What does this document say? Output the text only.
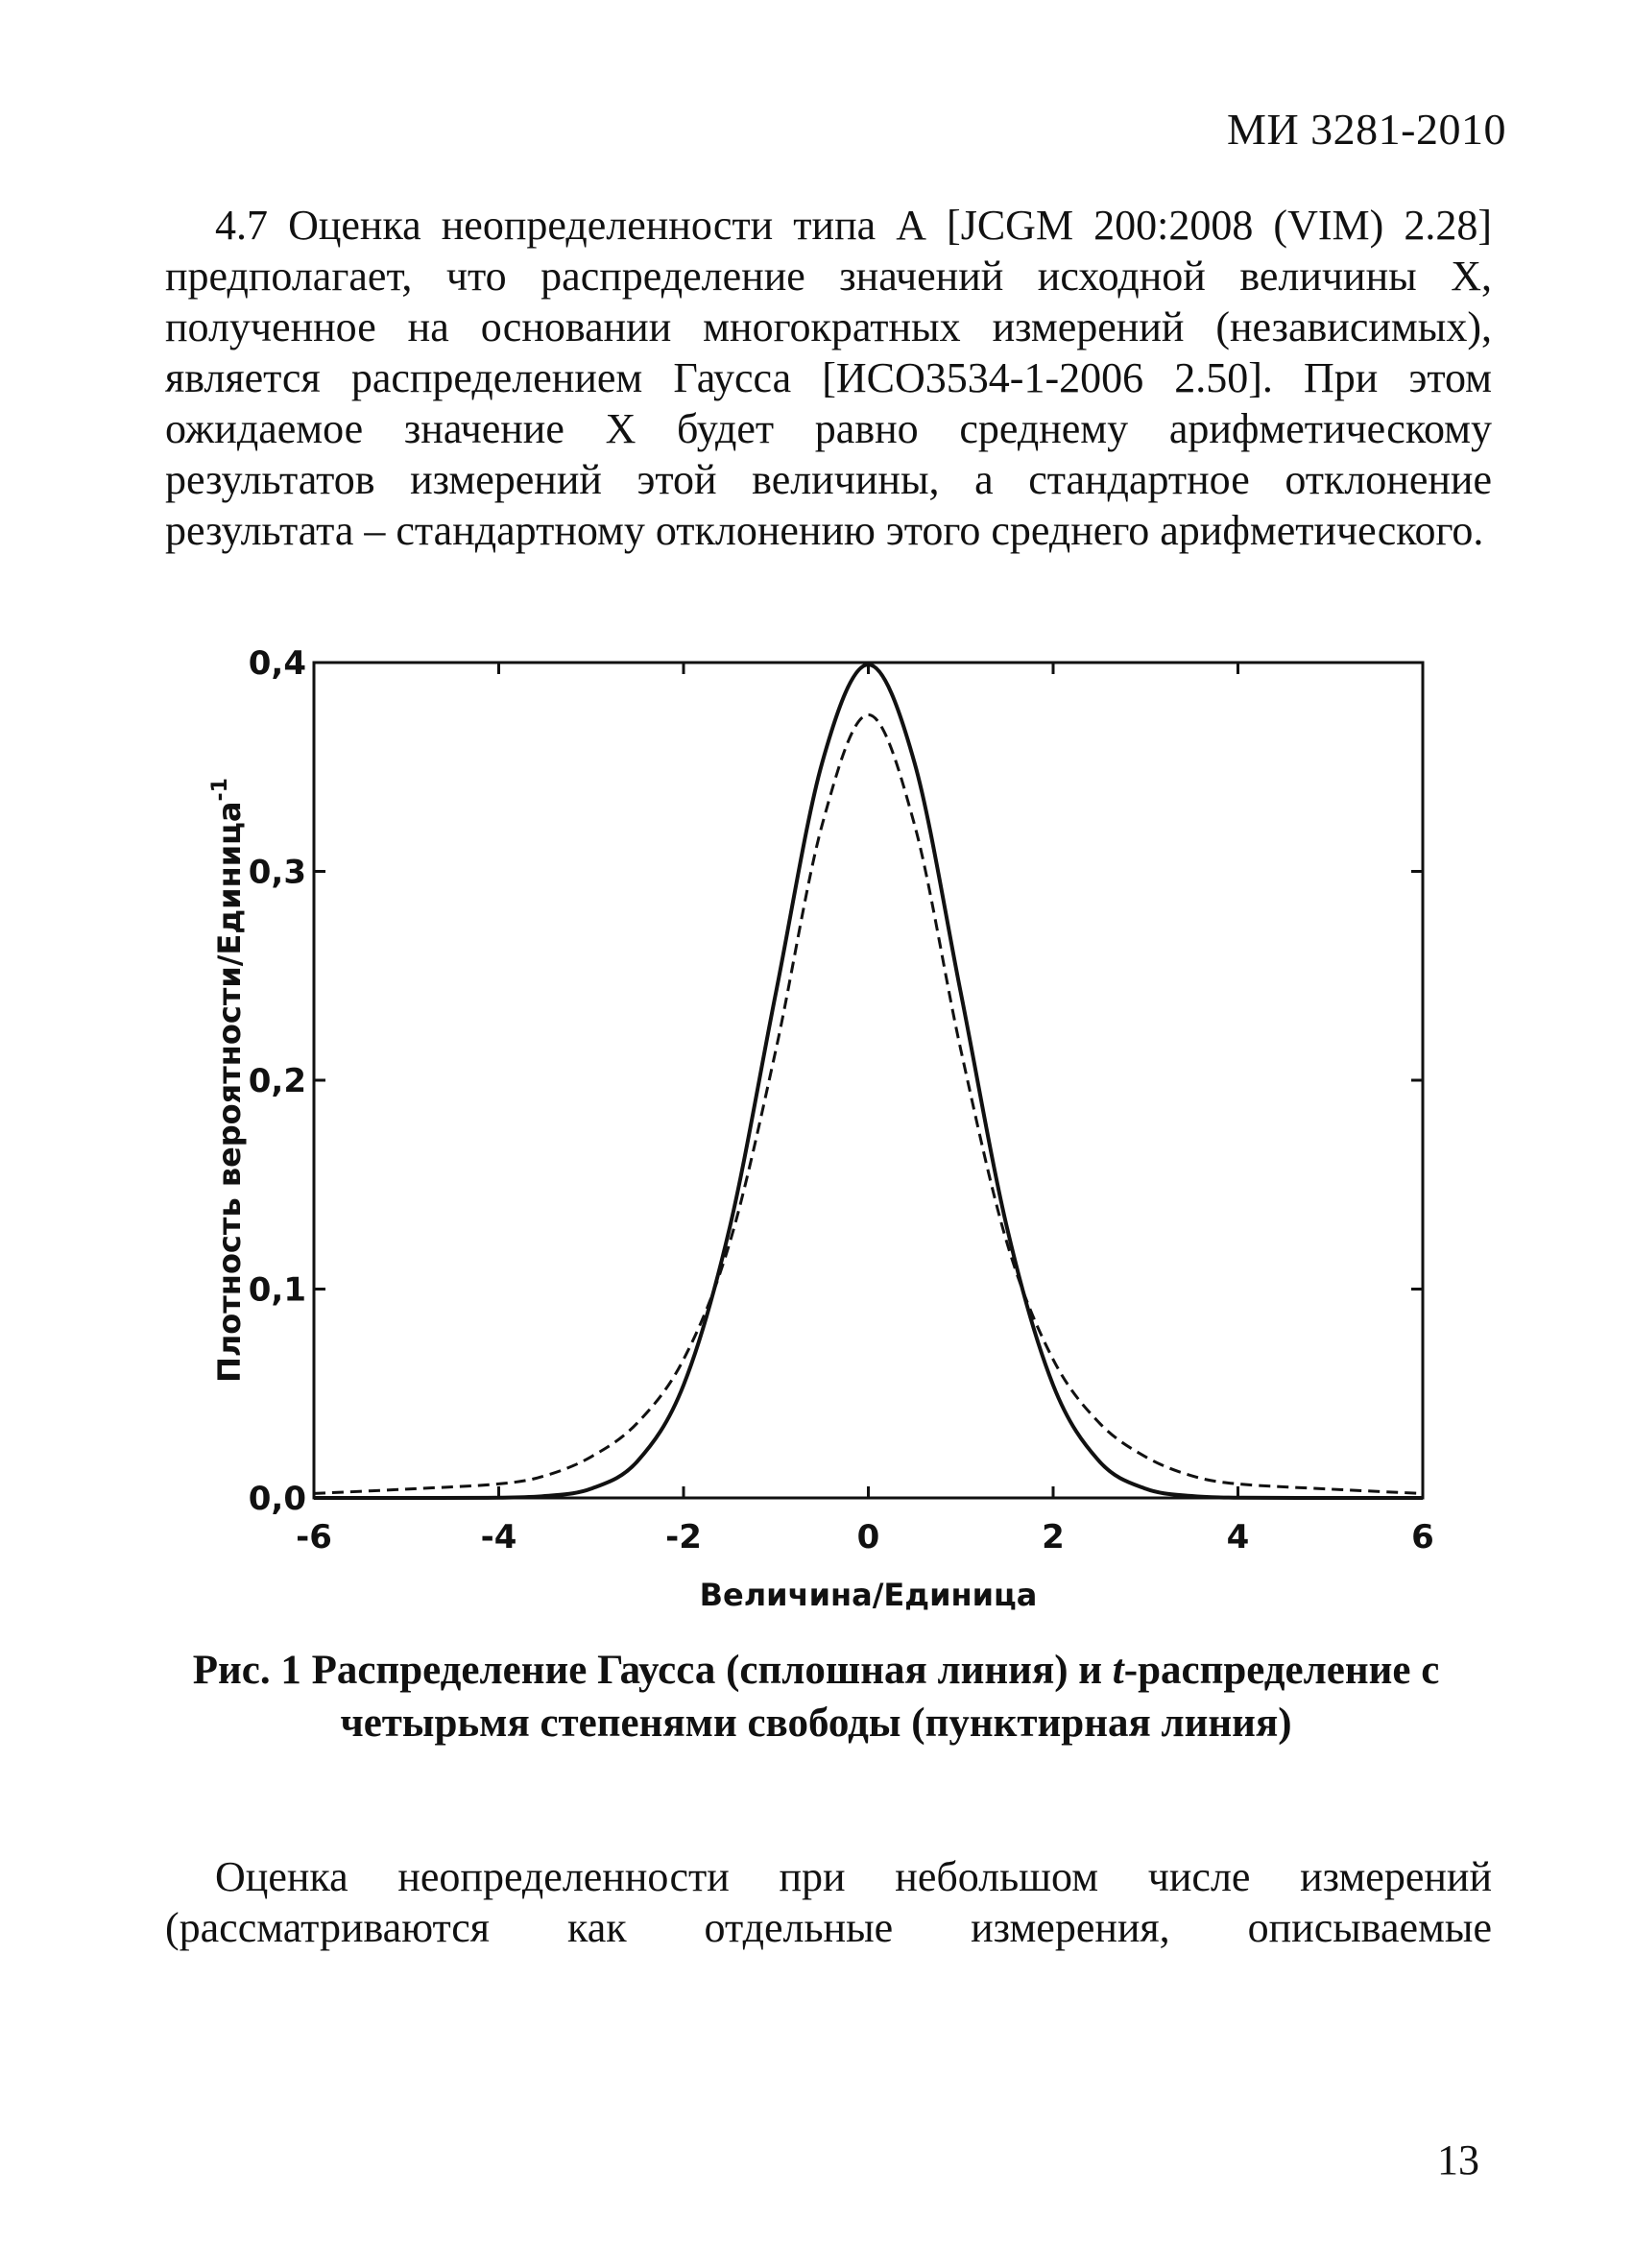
МИ 3281-2010

4.7 Оценка неопределенности типа А [JCGM 200:2008 (VIM) 2.28] предполагает, что распределение значений исходной величины X, полученное на основании многократных измерений (независимых), является распределением Гаусса [ИСО3534-1-2006 2.50]. При этом ожидаемое значение X будет равно среднему арифметическому результатов измерений этой величины, а стандартное отклонение результата – стандартному отклонению этого среднего арифметического.

-6	-4	-2	0	2	4	6
0,0
0,1
0,2
0,3
0,4
Величина/Единица
Плотность вероятности/Единица$^{-1}$

Рис. 1 Распределение Гаусса (сплошная линия) и t-распределение с
четырьмя степенями свободы (пунктирная линия)

Оценка неопределенности при небольшом числе измерений (рассматриваются как отдельные измерения, описываемые

13
